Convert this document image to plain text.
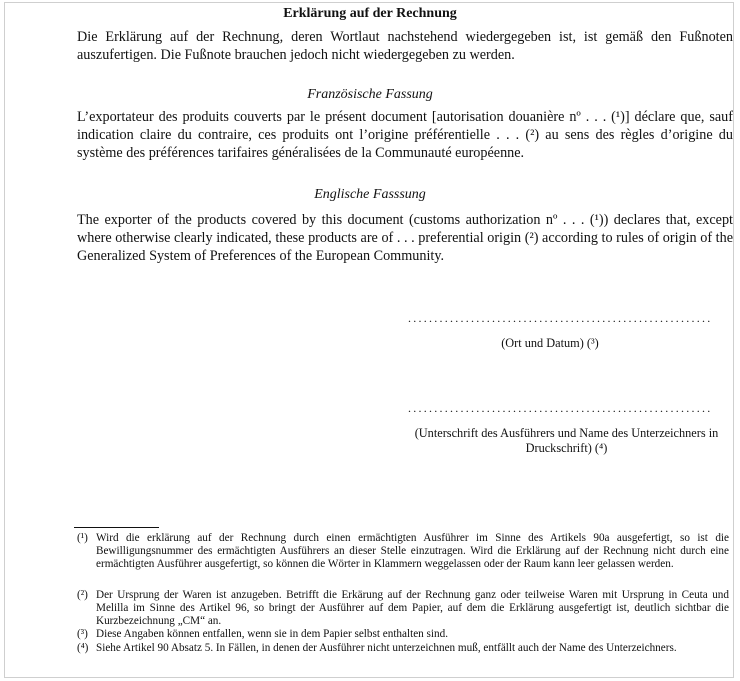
Erklärung auf der Rechnung
Die Erklärung auf der Rechnung, deren Wortlaut nachstehend wiedergegeben ist, ist gemäß den Fußnoten auszufertigen. Die Fußnote brauchen jedoch nicht wiedergegeben zu werden.
Französische Fassung
L’exportateur des produits couverts par le présent document [autorisation douanière nº . . . (¹)] déclare que, sauf indication claire du contraire, ces produits ont l’origine préférentielle . . . (²) au sens des règles d’origine du système des préférences tarifaires généralisées de la Communauté européenne.
Englische Fasssung
The exporter of the products covered by this document (customs authorization nº . . . (¹)) declares that, except where otherwise clearly indicated, these products are of . . . preferential origin (²) according to rules of origin of the Generalized System of Preferences of the European Community.
..........................................................
(Ort und Datum) (³)
..........................................................
(Unterschrift des Ausführers und Name des Unterzeichners in Druckschrift) (⁴)
(¹) Wird die erklärung auf der Rechnung durch einen ermächtigten Ausführer im Sinne des Artikels 90a ausgefertigt, so ist die Bewilligungsnummer des ermächtigten Ausführers an dieser Stelle einzutragen. Wird die Erklärung auf der Rechnung nicht durch eine ermächtigten Ausführer ausgefertigt, so können die Wörter in Klammern weggelassen oder der Raum kann leer gelassen werden.
(²) Der Ursprung der Waren ist anzugeben. Betrifft die Erkärung auf der Rechnung ganz oder teilweise Waren mit Ursprung in Ceuta und Melilla im Sinne des Artikel 96, so bringt der Ausführer auf dem Papier, auf dem die Erklärung ausgefertigt ist, deutlich sichtbar die Kurzbezeichnung „CM“ an.
(³) Diese Angaben können entfallen, wenn sie in dem Papier selbst enthalten sind.
(⁴) Siehe Artikel 90 Absatz 5. In Fällen, in denen der Ausführer nicht unterzeichnen muß, entfällt auch der Name des Unterzeichners.
